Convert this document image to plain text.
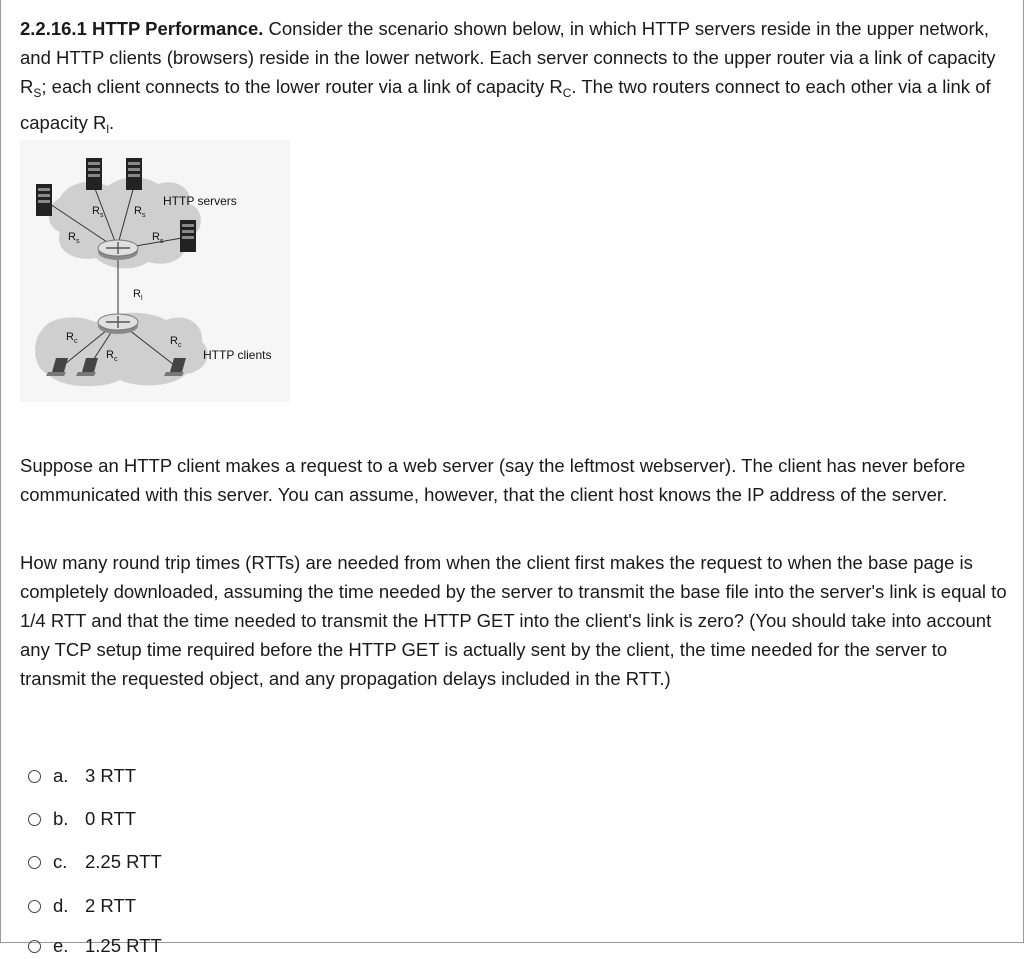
2.2.16.1 HTTP Performance. Consider the scenario shown below, in which HTTP servers reside in the upper network, and HTTP clients (browsers) reside in the lower network. Each server connects to the upper router via a link of capacity $R_S$; each client connects to the lower router via a link of capacity $R_C$. The two routers connect to each other via a link of capacity $R_l$.

$R_s$	$R_s$
$R_s$	$R_s$
$R_l$
$R_c$
$R_c$
$R_c$
HTTP servers
HTTP clients

Suppose an HTTP client makes a request to a web server (say the leftmost webserver). The client has never before communicated with this server. You can assume, however, that the client host knows the IP address of the server.

How many round trip times (RTTs) are needed from when the client first makes the request to when the base page is completely downloaded, assuming the time needed by the server to transmit the base file into the server's link is equal to 1/4 RTT and that the time needed to transmit the HTTP GET into the client's link is zero? (You should take into account any TCP setup time required before the HTTP GET is actually sent by the client, the time needed for the server to transmit the requested object, and any propagation delays included in the RTT.)

a. 3 RTT
b. 0 RTT
c. 2.25 RTT
d. 2 RTT
e. 1.25 RTT
